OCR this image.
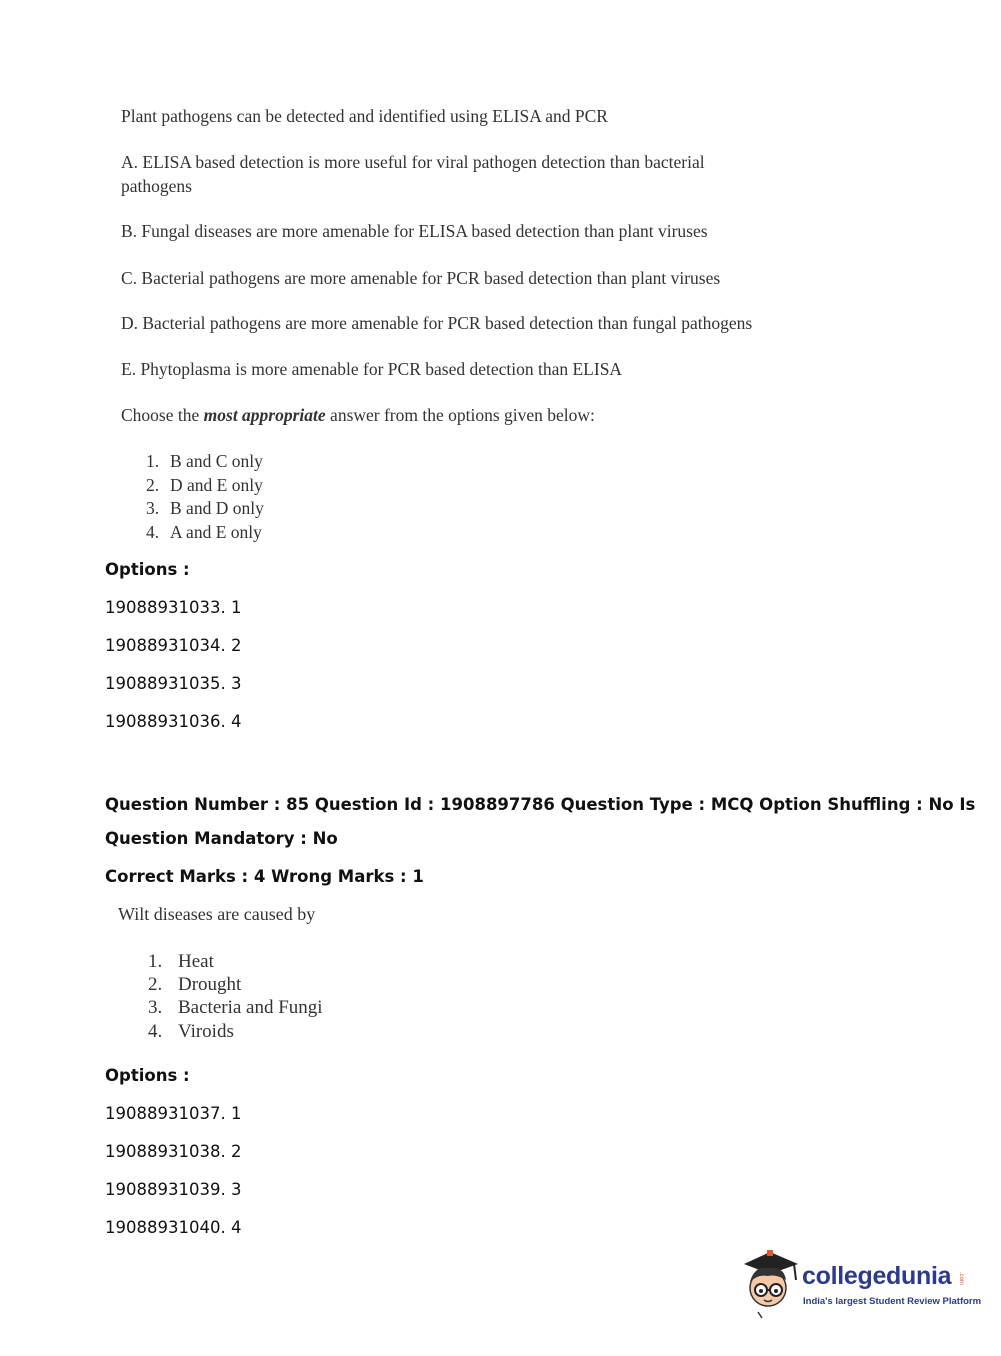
Plant pathogens can be detected and identified using ELISA and PCR

A. ELISA based detection is more useful for viral pathogen detection than bacterial

pathogens

B. Fungal diseases are more amenable for ELISA based detection than plant viruses

C. Bacterial pathogens are more amenable for PCR based detection than plant viruses

D. Bacterial pathogens are more amenable for PCR based detection than fungal pathogens

E. Phytoplasma is more amenable for PCR based detection than ELISA

Choose the most appropriate answer from the options given below:

1. B and C only
2. D and E only
3. B and D only
4. A and E only
Options :
19088931033. 1
19088931034. 2
19088931035. 3
19088931036. 4
Question Number : 85 Question Id : 1908897786 Question Type : MCQ Option Shuffling : No Is
Question Mandatory : No
Correct Marks : 4 Wrong Marks : 1
Wilt diseases are caused by
1. Heat
2. Drought
3. Bacteria and Fungi
4. Viroids
Options :
19088931037. 1
19088931038. 2
19088931039. 3
19088931040. 4
collegedunia .com
India's largest Student Review Platform
